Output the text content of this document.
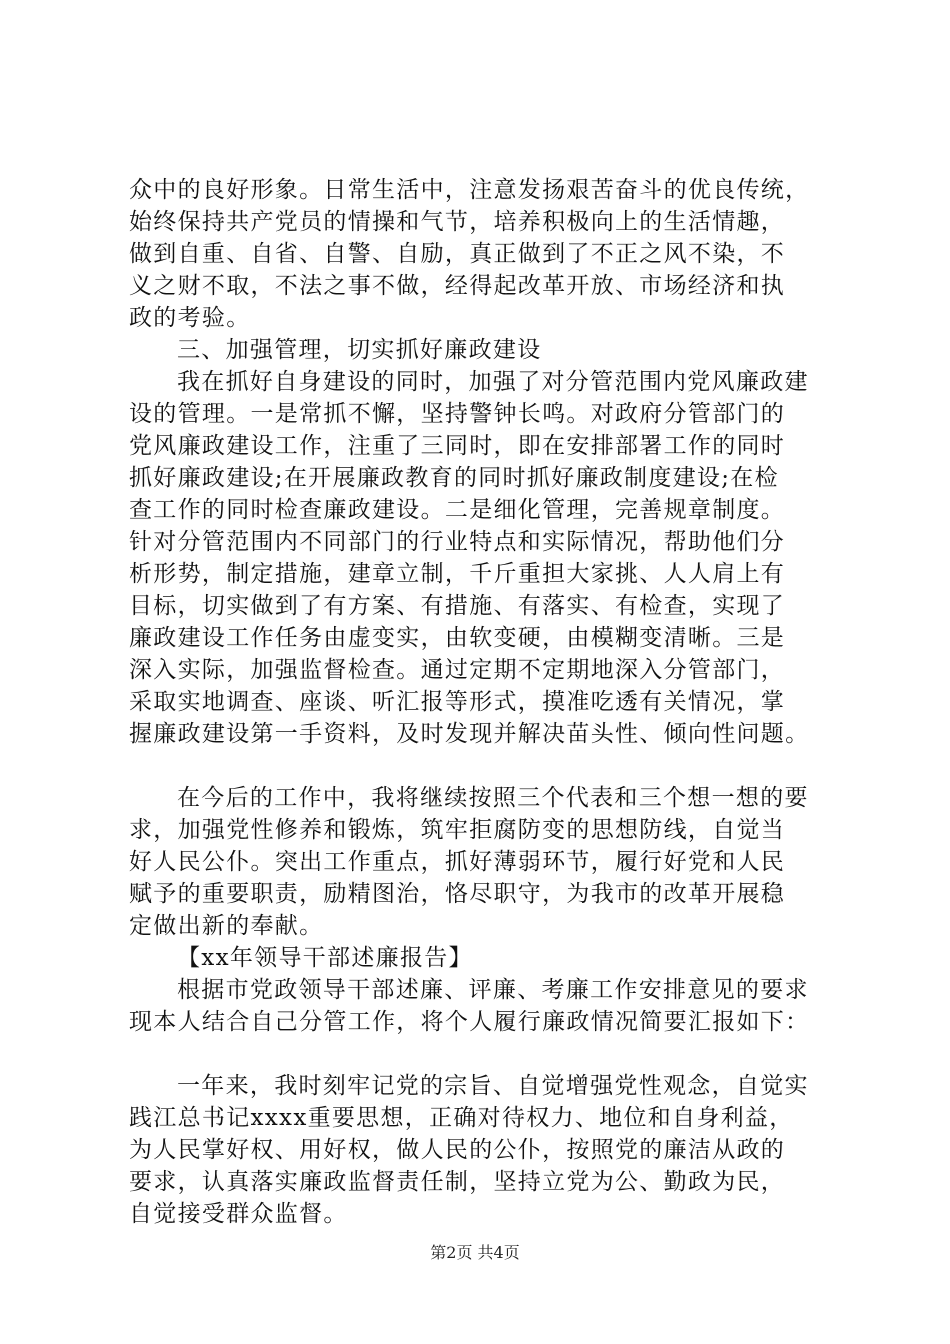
众中的良好形象。日常生活中，注意发扬艰苦奋斗的优良传统，
始终保持共产党员的情操和气节，培养积极向上的生活情趣，
做到自重、自省、自警、自励，真正做到了不正之风不染，不
义之财不取，不法之事不做，经得起改革开放、市场经济和执
政的考验。
三、加强管理，切实抓好廉政建设
我在抓好自身建设的同时，加强了对分管范围内党风廉政建
设的管理。一是常抓不懈，坚持警钟长鸣。对政府分管部门的
党风廉政建设工作，注重了三同时，即在安排部署工作的同时
抓好廉政建设;在开展廉政教育的同时抓好廉政制度建设;在检
查工作的同时检查廉政建设。二是细化管理，完善规章制度。
针对分管范围内不同部门的行业特点和实际情况，帮助他们分
析形势，制定措施，建章立制，千斤重担大家挑、人人肩上有
目标，切实做到了有方案、有措施、有落实、有检查，实现了
廉政建设工作任务由虚变实，由软变硬，由模糊变清晰。三是
深入实际，加强监督检查。通过定期不定期地深入分管部门，
采取实地调查、座谈、听汇报等形式，摸准吃透有关情况，掌
握廉政建设第一手资料，及时发现并解决苗头性、倾向性问题。
在今后的工作中，我将继续按照三个代表和三个想一想的要
求，加强党性修养和锻炼，筑牢拒腐防变的思想防线，自觉当
好人民公仆。突出工作重点，抓好薄弱环节，履行好党和人民
赋予的重要职责，励精图治，恪尽职守，为我市的改革开展稳
定做出新的奉献。
【xx年领导干部述廉报告】
根据市党政领导干部述廉、评廉、考廉工作安排意见的要求
现本人结合自己分管工作，将个人履行廉政情况简要汇报如下：
一年来，我时刻牢记党的宗旨、自觉增强党性观念，自觉实
践江总书记xxxx重要思想，正确对待权力、地位和自身利益，
为人民掌好权、用好权，做人民的公仆，按照党的廉洁从政的
要求，认真落实廉政监督责任制，坚持立党为公、勤政为民，
自觉接受群众监督。
第2页 共4页
